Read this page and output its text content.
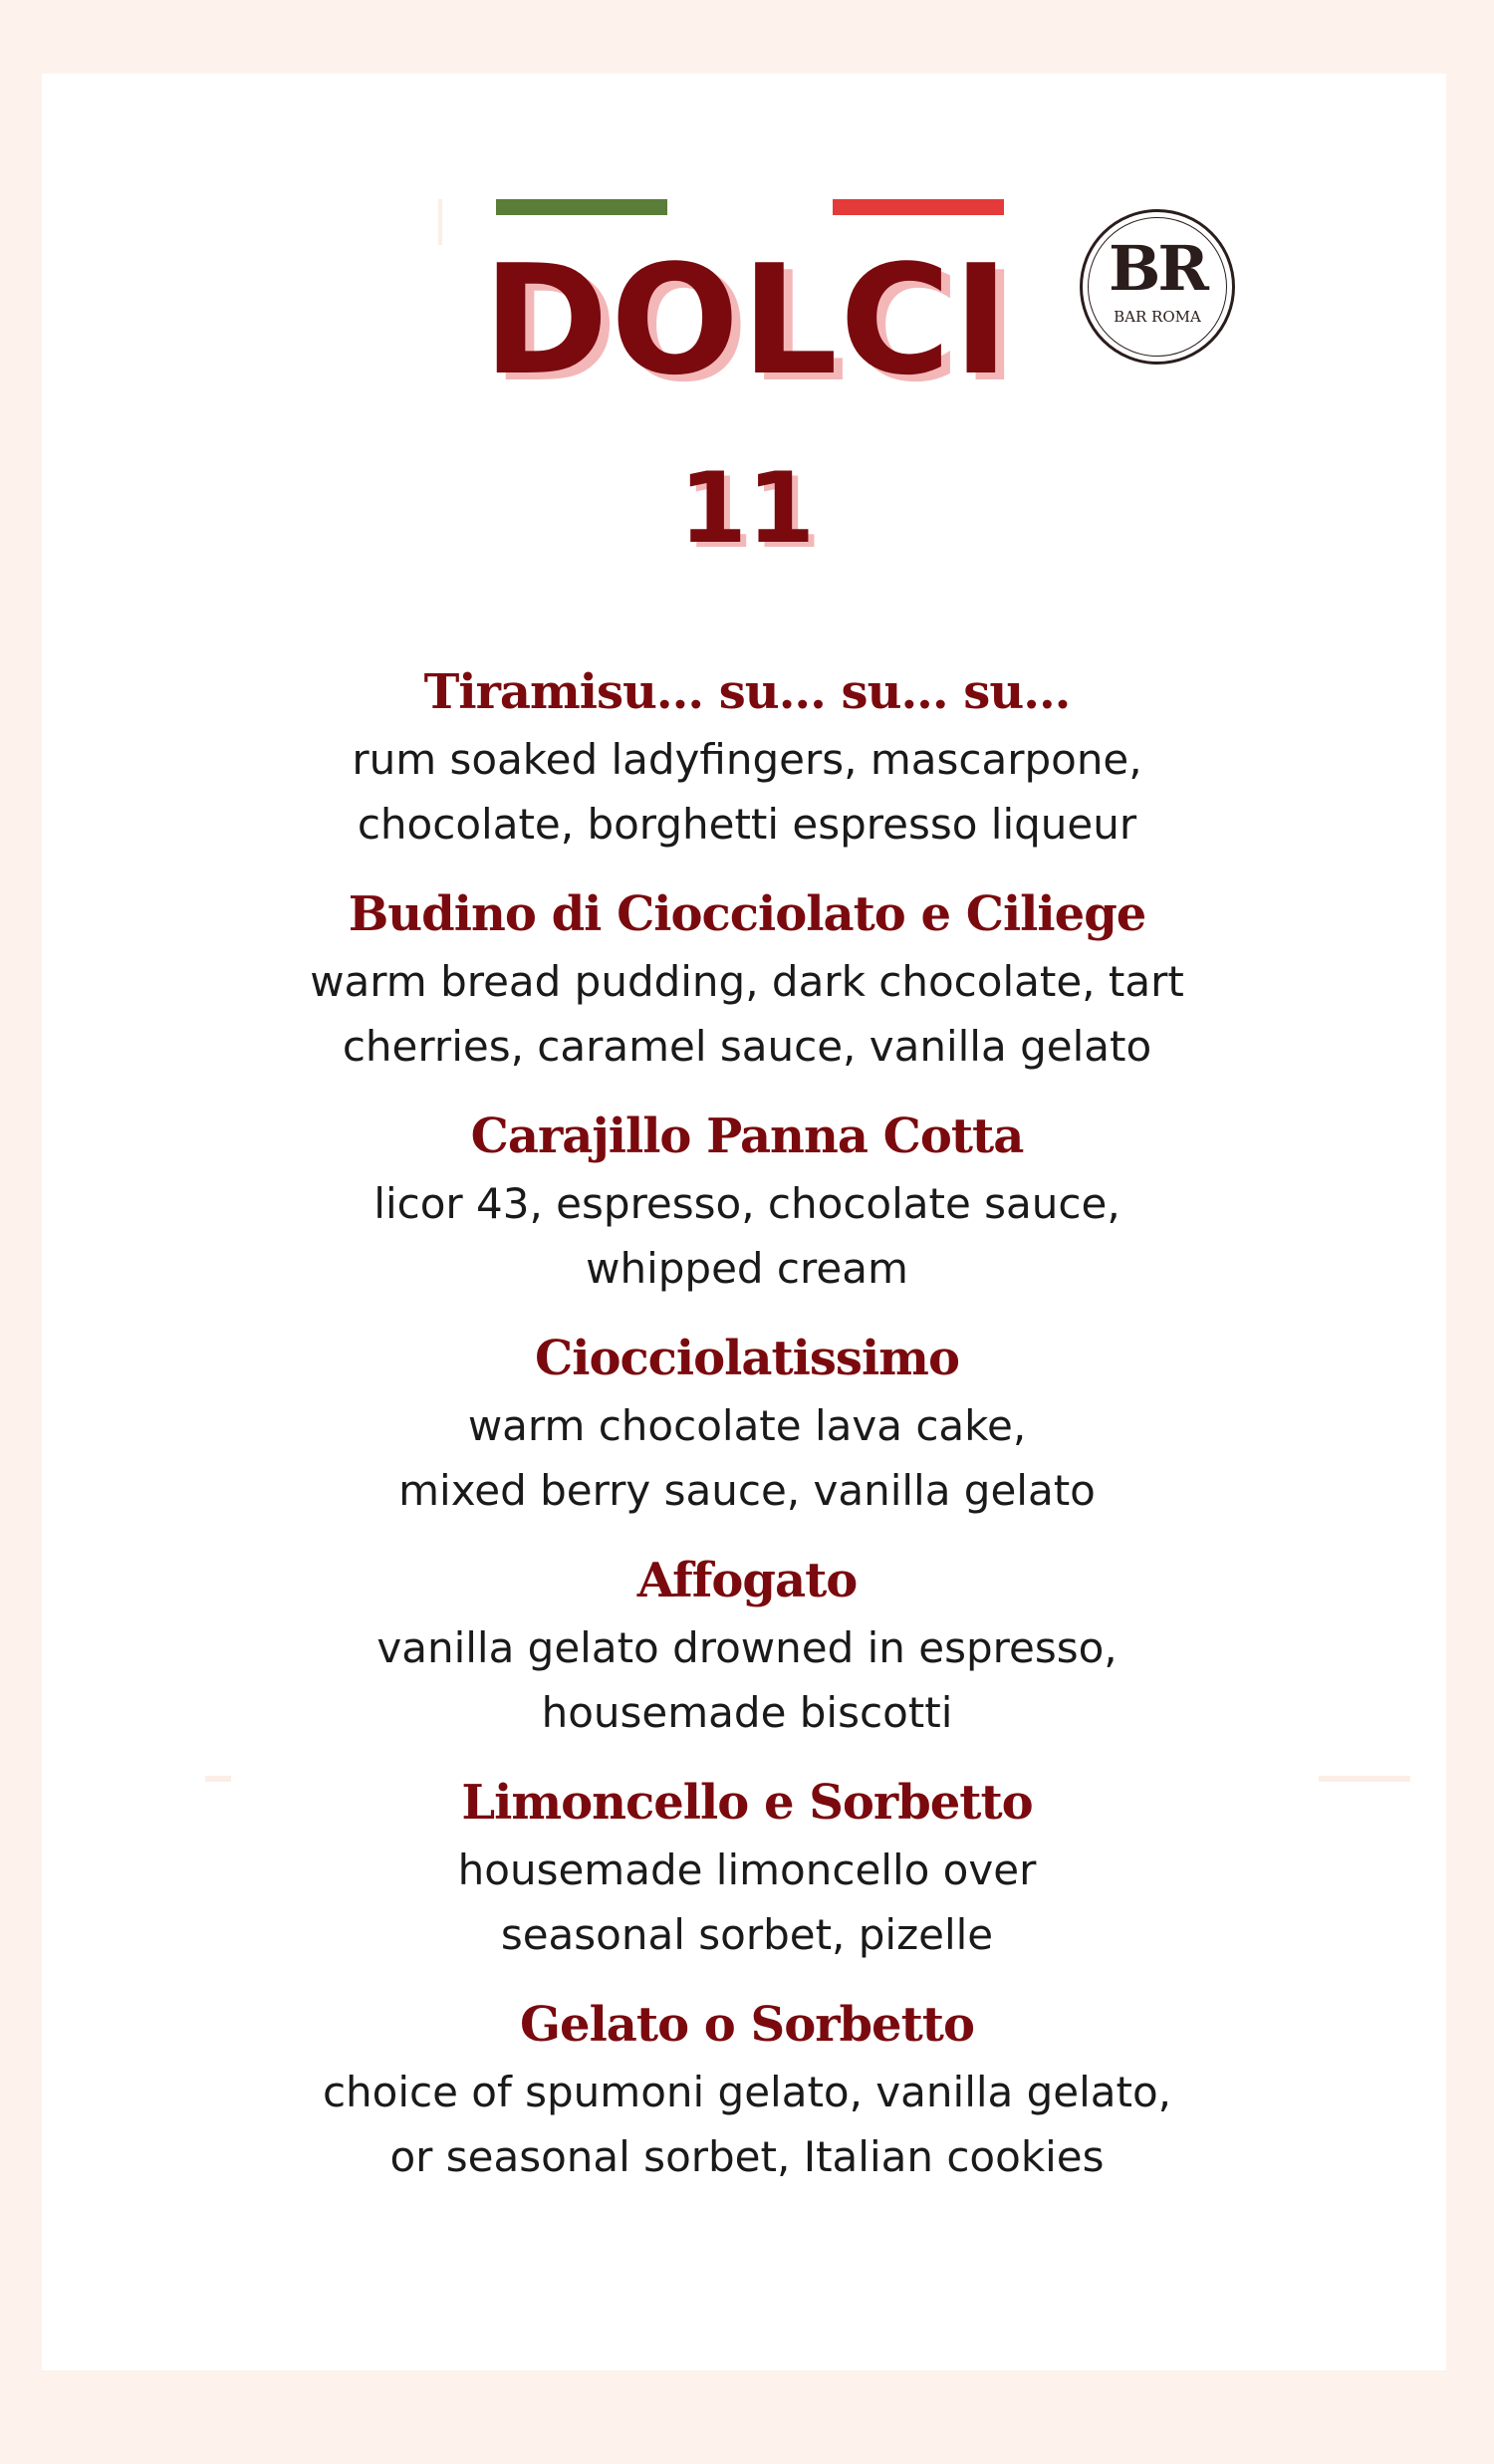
DOLCI
11
BR
BAR ROMA
Tiramisu... su... su... su...
rum soaked ladyfingers, mascarpone,
chocolate, borghetti espresso liqueur
Budino di Ciocciolato e Ciliege
warm bread pudding, dark chocolate, tart
cherries, caramel sauce, vanilla gelato
Carajillo Panna Cotta
licor 43, espresso, chocolate sauce,
whipped cream
Ciocciolatissimo
warm chocolate lava cake,
mixed berry sauce, vanilla gelato
Affogato
vanilla gelato drowned in espresso,
housemade biscotti
Limoncello e Sorbetto
housemade limoncello over
seasonal sorbet, pizelle
Gelato o Sorbetto
choice of spumoni gelato, vanilla gelato,
or seasonal sorbet, Italian cookies
